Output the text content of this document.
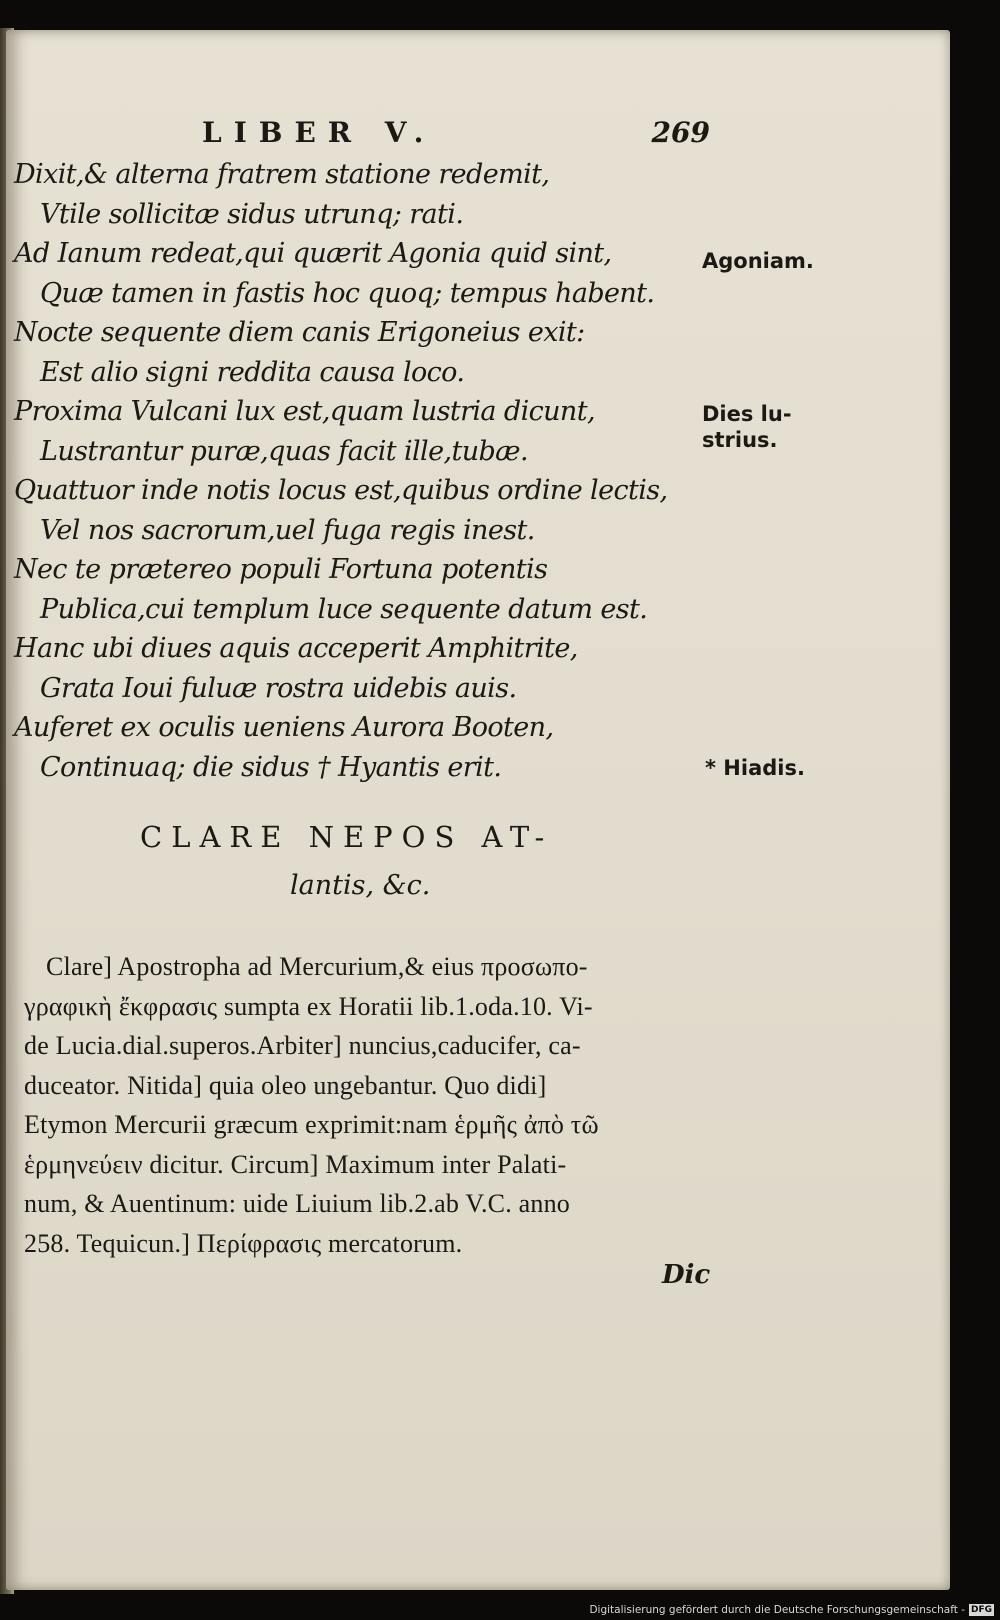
LIBER V.	269
Dixit,& alterna fratrem statione redemit,
Vtile sollicitæ sidus utrunq; rati.
Ad Ianum redeat,qui quærit Agonia quid sint,
Quæ tamen in fastis hoc quoq; tempus habent.
Nocte sequente diem canis Erigoneius exit:
Est alio signi reddita causa loco.
Proxima Vulcani lux est,quam lustria dicunt,
Lustrantur puræ,quas facit ille,tubæ.
Quattuor inde notis locus est,quibus ordine lectis,
Vel nos sacrorum,uel fuga regis inest.
Nec te prætereo populi Fortuna potentis
Publica,cui templum luce sequente datum est.
Hanc ubi diues aquis acceperit Amphitrite,
Grata Ioui fuluæ rostra uidebis auis.
Auferet ex oculis ueniens Aurora Booten,
Continuaq; die sidus † Hyantis erit.
Agoniam.
Dies lu-
strius.
* Hiadis.
CLARE NEPOS AT-
lantis, &c.
Clare] Apostropha ad Mercurium,& eius προσωπο-
γραφικὴ ἔκφρασις sumpta ex Horatii lib.1.oda.10. Vi-
de Lucia.dial.superos.Arbiter] nuncius,caducifer, ca-
duceator. Nitida] quia oleo ungebantur. Quo didi]
Etymon Mercurii græcum exprimit:nam ἑρμῆς ἀπὸ τῶ
ἑρμηνεύειν dicitur. Circum] Maximum inter Palati-
num, & Auentinum: uide Liuium lib.2.ab V.C. anno
258. Tequicun.] Περίφρασις mercatorum.
Dic
Digitalisierung gefördert durch die Deutsche Forschungsgemeinschaft - DFG
